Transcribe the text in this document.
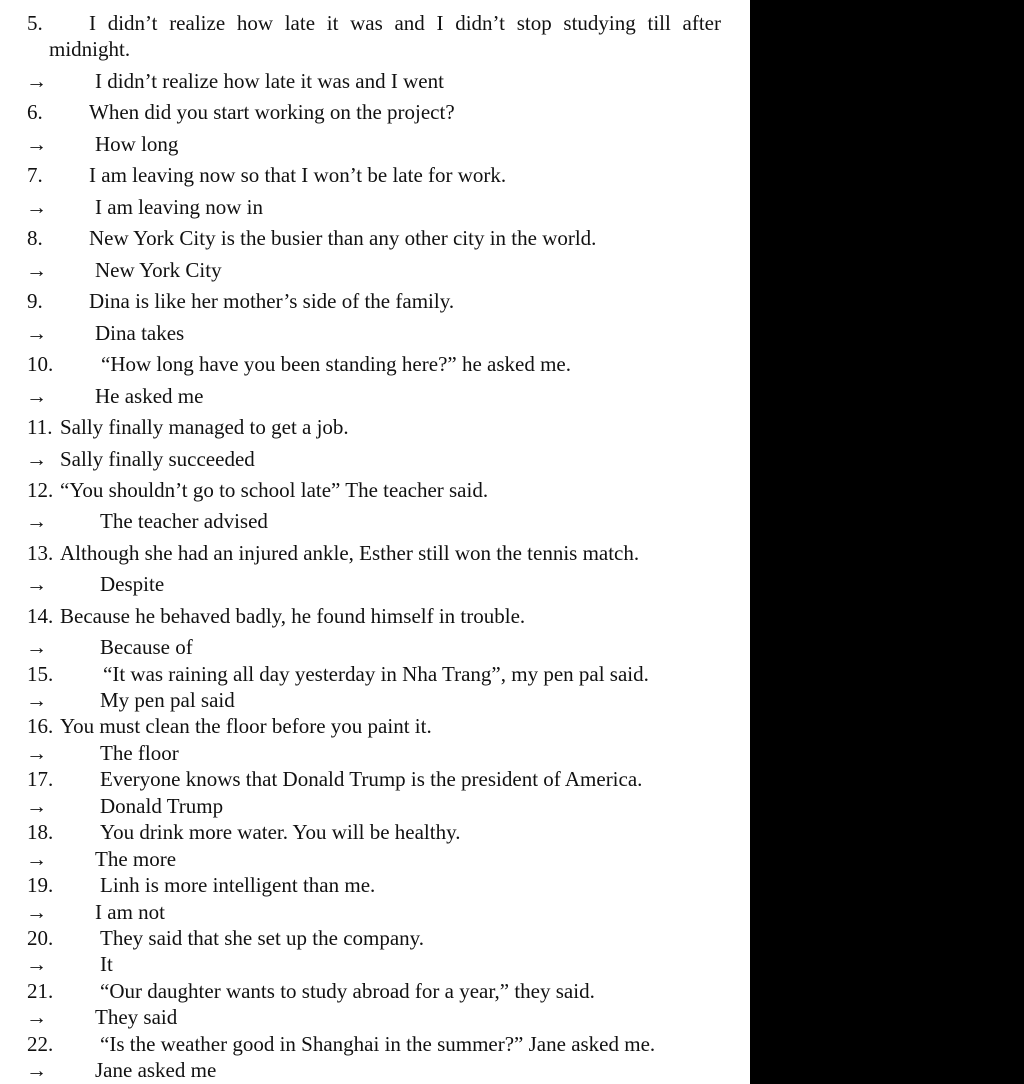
5. I didn’t realize how late it was and I didn’t stop studying till after
midnight.
→ I didn’t realize how late it was and I went
6. When did you start working on the project?
→ How long
7. I am leaving now so that I won’t be late for work.
→ I am leaving now in
8. New York City is the busier than any other city in the world.
→ New York City
9. Dina is like her mother’s side of the family.
→ Dina takes
10. “How long have you been standing here?” he asked me.
→ He asked me
11. Sally finally managed to get a job.
→ Sally finally succeeded
12. “You shouldn’t go to school late” The teacher said.
→	The teacher advised
13. Although she had an injured ankle, Esther still won the tennis match.
→	Despite
14. Because he behaved badly, he found himself in trouble.
→	Because of
15. “It was raining all day yesterday in Nha Trang”, my pen pal said.
→	My pen pal said
16. You must clean the floor before you paint it.
→	The floor
17. Everyone knows that Donald Trump is the president of America.
→	Donald Trump
18. You drink more water. You will be healthy.
→ The more
19. Linh is more intelligent than me.
→ I am not
20. They said that she set up the company.
→	It
21. “Our daughter wants to study abroad for a year,” they said.
→ They said
22. “Is the weather good in Shanghai in the summer?” Jane asked me.
→ Jane asked me
